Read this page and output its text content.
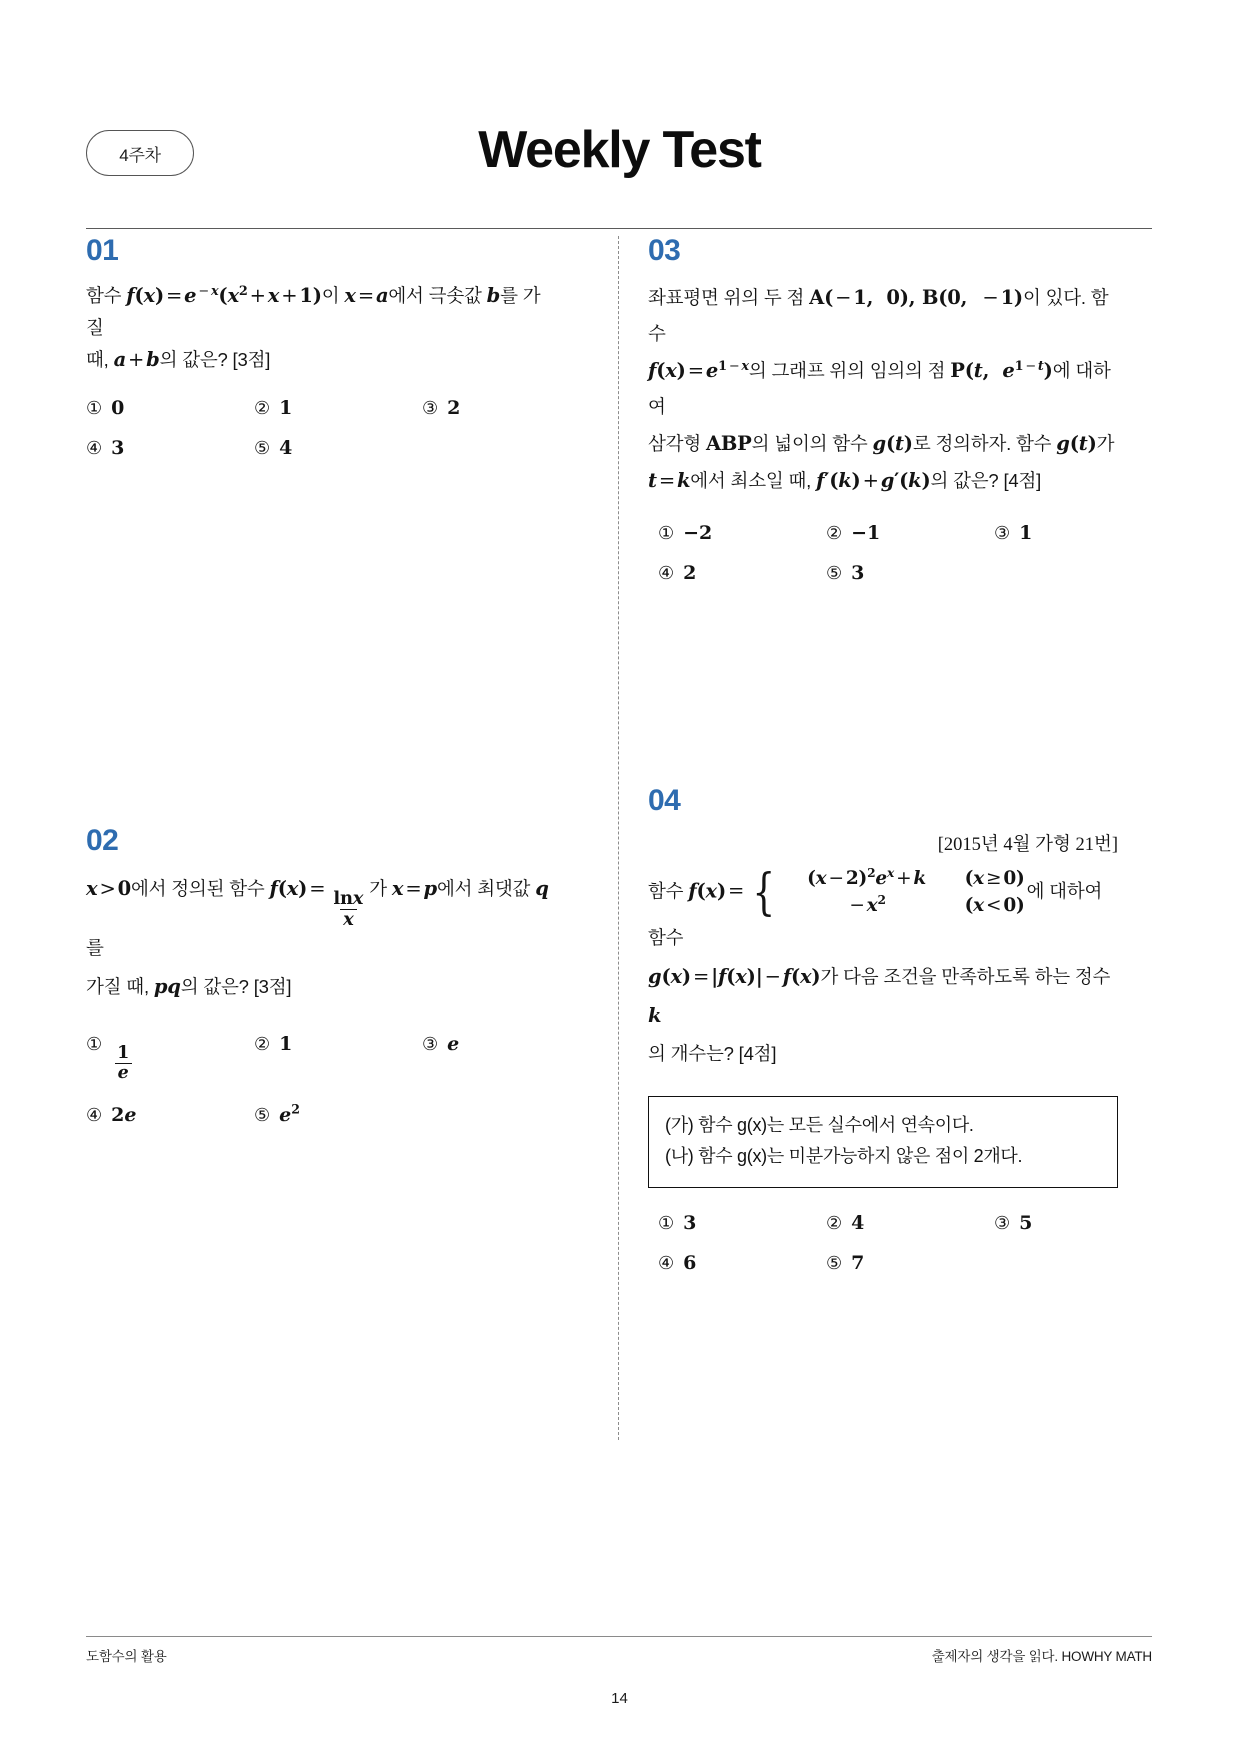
4주차	Weekly Test
01
함수 f(x) = e $^{- x}(x^2 + x + 1)$이 x = a에서 극솟값 b를 가질
때, a + b의 값은? [3점]
① 0	② 1	③ 2
④ 3	⑤ 4
02
x > 0에서 정의된 함수 f(x) =
$\frac{\ln x}{x}$
가 x = p에서 최댓값 q를
가질 때, pq의 값은? [3점]
①
$\frac{1}{e}$
② 1	③ e
④ 2e	⑤ $e^2$
03
좌표평면 위의 두 점 A( − 1,  0), B(0,  − 1)이 있다. 함수
$f(x) = e^{1 - x}$의 그래프 위의 임의의 점 P(t,  $e^{1 - t}$)에 대하여
삼각형 ABP의 넓이의 함수 g(t)로 정의하자. 함수 g(t)가
t = k에서 최소일 때, f′(k) + g′(k)의 값은? [4점]
① −2	② −1	③ 1
④ 2	⑤ 3
04
[2015년 4월 가형 21번]
함수 f(x) = {	$(x - 2)^2e^x + k$	(x ≥ 0)
− $x^2$	(x < 0)
에 대하여 함수
g(x) = |f(x)| − f(x)가 다음 조건을 만족하도록 하는 정수 k
의 개수는? [4점]
(가) 함수 g(x)는 모든 실수에서 연속이다.
(나) 함수 g(x)는 미분가능하지 않은 점이 2개다.
① 3	② 4	③ 5
④ 6	⑤ 7
도함수의 활용	출제자의 생각을 읽다. HOWHY MATH
14
